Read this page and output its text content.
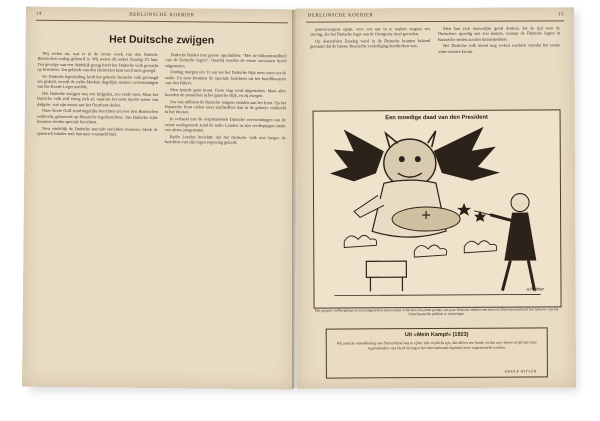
14	BERLIJNSCHE KOERIER
Het Duitsche zwijgen

Wij weten nu, wat er in de eerste week van den Duitsch-Russischen oorlog gebeurd is. Wij weten dit sedert Zondag 29 Juni. Ten gevolge van een duidelijk gezag heeft het Duitsche volk gewacht op berichten. Ten gebiede van den Duitschen kant werd niets gezegd.

De Duitsche legerleiding heeft het geheele Duitsche volk gevraagd om geduld, terwijl de radio Moskou dagelijks nieuwe overwinningen van het Roode Leger meldde.

Het Duitsche zwijgen was een krijgslist, zoo zeide men. Maar het Duitsche volk zelf vroeg zich af, waarom het niets mocht weten van datgene, wat zijn zonen aan het Oostfront deden.

Onze Korte Golf zond dagelijks berichten uit over den Russischen veldtocht, gebaseerd op Russische legerberichten. Van Duitsche zijde kwamen slechts speciale berichten.

Toen eindelijk de Duitsche speciale berichten kwamen, bleek de opmarsch minder snel dan men voorspeld had.

Duitsche bladen met groote opschriften: "Met de bliksemsnelheid van de Duitsche legers". Daarbij werden de eerste successen breed uitgemeten.

Zondag morgen om 11 uur zei het Duitsche Rijk niets meer tot de radio. En toen kwamen de speciale berichten uit het hoofdkwartier van den Führer.

Men hoorde geen krant. Geen vlag werd uitgestoken. Maar alles hoorden de menschen in het gansche Rijk, en zij zwegen.

Zes van millioen de Duitsche jongens stonden aan het front. Op het Russische front vielen meer slachtoffers dan in de geheele veldtocht in het Westen.

In verband met de verpletterende Duitsche overwinningen van de eerste oorlogsweek zond de radio Londen in zijn verdiepingen onder een nieuw programma.

Radio Londen berichtte dat het Duitsche volk niet langer de berichten van zijn eigen regeering gelooft.

BERLIJNSCHE KOERIER	15

pantserwagens sprak, voor een uur in te maken wegens zes storing, die het Duitsche leger aan de Oostgrens deed gevoelen.

Op denzelfden Zondag werd in de Duitsche kranten bekend gemaakt dat de laatste Russische verdediging doorbroken was.

Men kon zich nauwelijks geval denken, dat de tijd voor de Duitschers spoedig aan zou komen, waarop de Duitsche legers in Russische steden zouden binnentrekken.

Het Duitsche volk moest nog weken wachten voordat het eerste echte nieuws kwam.

Een moedige daad van den President
a.h.gloor
Met gepaste welbesparing en een aangestoken neuswarmer is het den President gelukt, een paar Duitsche duikbooten met een Duitschen buitenst het behoeve van het Amerikaansche publiek te vernietigen.
Uit »Mein Kampf« (1923)
Wij zond de ontwikkeling van Duitschland nog te zijner tijd verplicht zijn, dat alleen een harde en dus zeer stoere strijd met onze tegenstanders van bleek tot tegen het internationale kapitaal meer ongewenscht worden.
ADOLF HITLER
